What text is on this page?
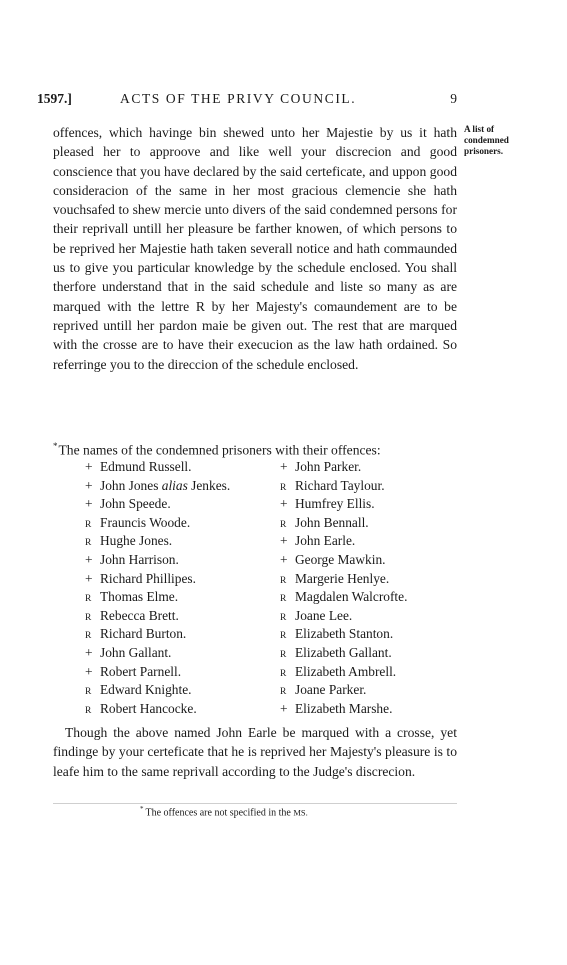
1597.]	ACTS OF THE PRIVY COUNCIL.	9

offences, which havinge bin shewed unto her Majestie by us it hath pleased her to approove and like well your discrecion and good conscience that you have declared by the said certeficate, and uppon good consideracion of the same in her most gracious clemencie she hath vouchsafed to shew mercie unto divers of the said condemned persons for their reprivall untill her pleasure be farther knowen, of which persons to be reprived her Majestie hath taken severall notice and hath commaunded us to give you particular knowledge by the schedule enclosed. You shall therfore understand that in the said schedule and liste so many as are marqued with the lettre R by her Majesty's comaundement are to be reprived untill her pardon maie be given out. The rest that are marqued with the crosse are to have their execucion as the law hath ordained. So referringe you to the direccion of the schedule enclosed.

A list of condemned prisoners.
*The names of the condemned prisoners with their offences:
+ Edmund Russell.	+ John Parker.
+ John Jones alias Jenkes.	R Richard Taylour.
+ John Speede.	+ Humfrey Ellis.
R Frauncis Woode.	R John Bennall.
R Hughe Jones.	+ John Earle.
+ John Harrison.	+ George Mawkin.
+ Richard Phillipes.	R Margerie Henlye.
R Thomas Elme.	R Magdalen Walcrofte.
R Rebecca Brett.	R Joane Lee.
R Richard Burton.	R Elizabeth Stanton.
+ John Gallant.	R Elizabeth Gallant.
+ Robert Parnell.	R Elizabeth Ambrell.
R Edward Knighte.	R Joane Parker.
R Robert Hancocke.	+ Elizabeth Marshe.
Though the above named John Earle be marqued with a crosse, yet findinge by your certeficate that he is reprived her Majesty's pleasure is to leafe him to the same reprivall according to the Judge's discrecion.
* The offences are not specified in the MS.
